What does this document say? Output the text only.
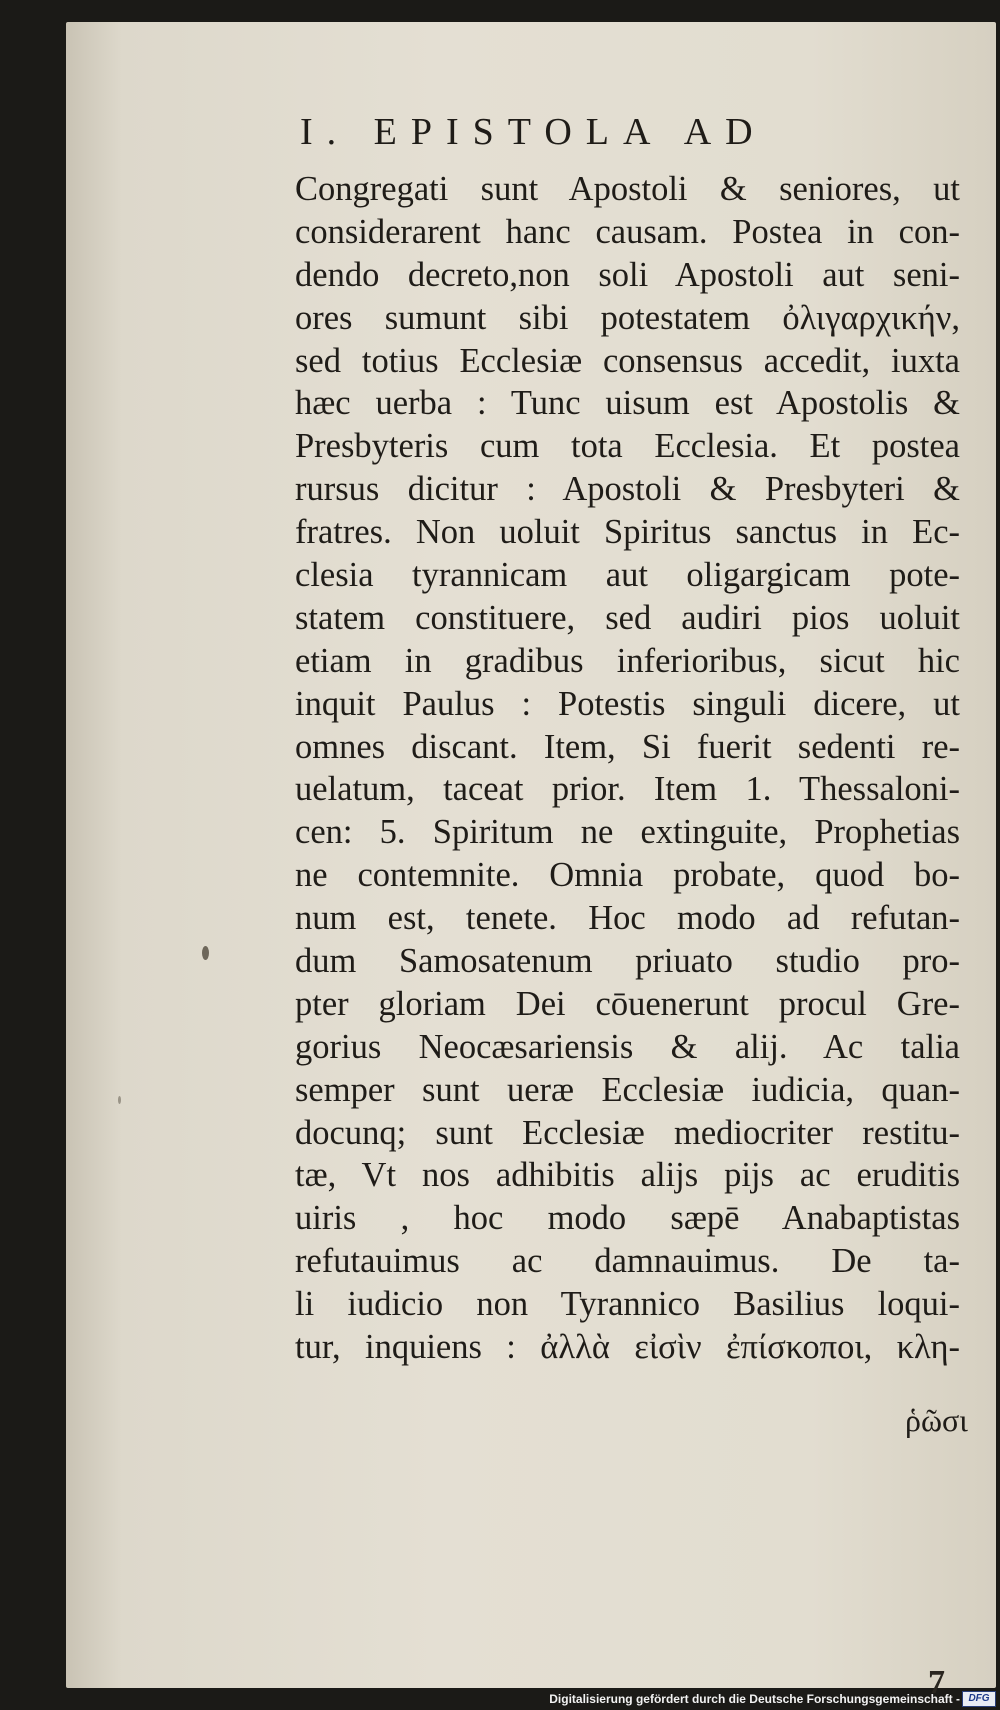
I. EPISTOLA AD
Congregati sunt Apostoli & seniores, ut
considerarent hanc causam. Postea in con-
dendo decreto,non soli Apostoli aut seni-
ores sumunt sibi potestatem ὀλιγαρχικήν,
sed totius Ecclesiæ consensus accedit, iuxta
hæc uerba : Tunc uisum est Apostolis &
Presbyteris cum tota Ecclesia. Et postea
rursus dicitur : Apostoli & Presbyteri &
fratres. Non uoluit Spiritus sanctus in Ec-
clesia tyrannicam aut oligargicam pote-
statem constituere, sed audiri pios uoluit
etiam in gradibus inferioribus, sicut hic
inquit Paulus : Potestis singuli dicere, ut
omnes discant. Item, Si fuerit sedenti re-
uelatum, taceat prior. Item 1. Thessaloni-
cen: 5. Spiritum ne extinguite, Prophetias
ne contemnite. Omnia probate, quod bo-
num est, tenete. Hoc modo ad refutan-
dum Samosatenum priuato studio pro-
pter gloriam Dei cōuenerunt procul Gre-
gorius Neocæsariensis & alij. Ac talia
semper sunt ueræ Ecclesiæ iudicia, quan-
docunq; sunt Ecclesiæ mediocriter restitu-
tæ, Vt nos adhibitis alijs pijs ac eruditis
uiris , hoc modo sæpē Anabaptistas
refutauimus ac damnauimus. De ta-
li iudicio non Tyrannico Basilius loqui-
tur, inquiens : ἀλλὰ εἰσὶν ἐπίσκοποι, κλη-
ῥῶσι
7
Digitalisierung gefördert durch die Deutsche Forschungsgemeinschaft - DFG
